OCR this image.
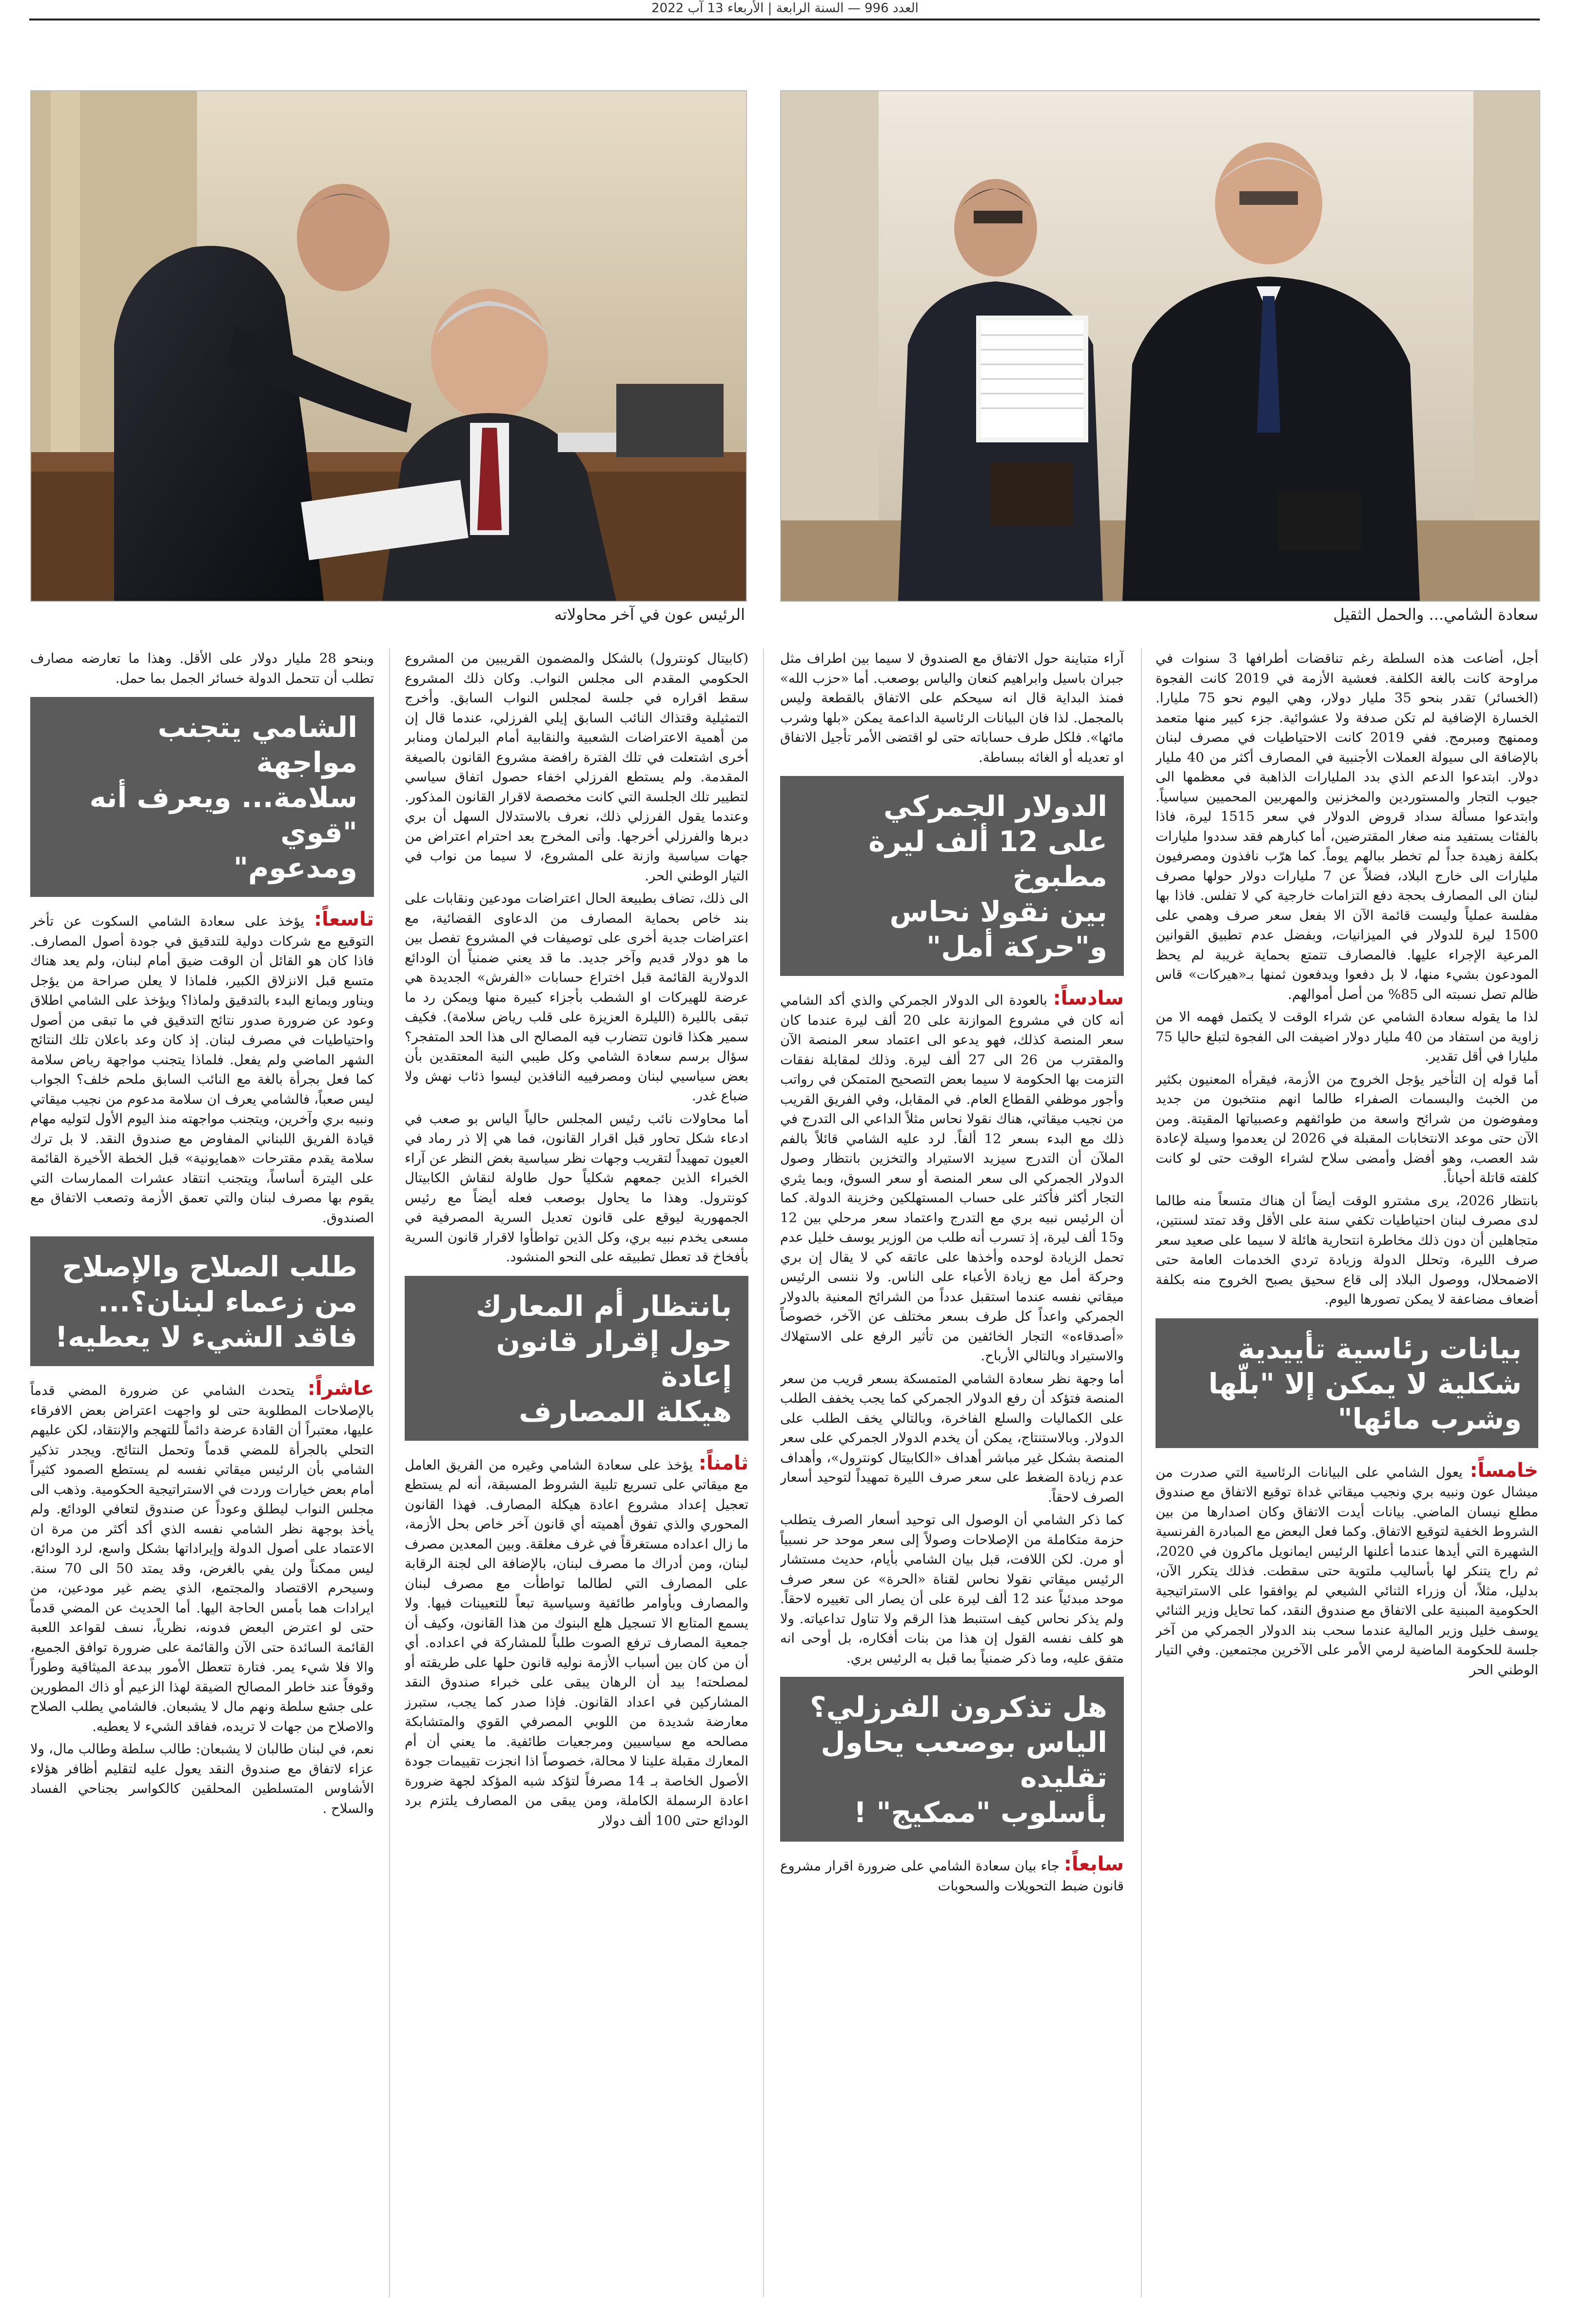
العدد 996 — السنة الرابعة | الأربعاء 13 آب 2022
الرئيس عون في آخر محاولاته	سعادة الشامي... والحمل الثقيل

وبنحو 28 مليار دولار على الأقل. وهذا ما تعارضه مصارف تطلب أن تتحمل الدولة خسائر الجمل بما حمل.

الشامي يتجنب مواجهة
سلامة... ويعرف أنه "قوي
ومدعوم"

تاسعاً: يؤخذ على سعادة الشامي السكوت عن تأخر التوقيع مع شركات دولية للتدقيق في جودة أصول المصارف. فاذا كان هو القائل أن الوقت ضيق أمام لبنان، ولم يعد هناك متسع قبل الانزلاق الكبير، فلماذا لا يعلن صراحة من يؤجل ويناور ويمانع البدء بالتدقيق ولماذا؟ ويؤخذ على الشامي اطلاق وعود عن ضرورة صدور نتائج التدقيق في ما تبقى من أصول واحتياطيات في مصرف لبنان. إذ كان وعد باعلان تلك النتائج الشهر الماضي ولم يفعل. فلماذا يتجنب مواجهة رياض سلامة كما فعل بجرأة بالغة مع النائب السابق ملحم خلف؟ الجواب ليس صعباً، فالشامي يعرف ان سلامة مدعوم من نجيب ميقاتي ونبيه بري وآخرين، ويتجنب مواجهته منذ اليوم الأول لتوليه مهام قيادة الفريق اللبناني المفاوض مع صندوق النقد. لا بل ترك سلامة يقدم مقترحات «همايونية» قبل الخطة الأخيرة القائمة على اليترة أساساً، ويتجنب انتقاد عشرات الممارسات التي يقوم بها مصرف لبنان والتي تعمق الأزمة وتصعب الاتفاق مع الصندوق.

طلب الصلاح والإصلاح
من زعماء لبنان؟...
فاقد الشيء لا يعطيه!

عاشراً: يتحدث الشامي عن ضرورة المضي قدماً بالإصلاحات المطلوبة حتى لو واجهت اعتراض بعض الافرقاء عليها، معتبراً أن القادة عرضة دائماً للتهجم والإنتقاد، لكن عليهم التحلي بالجرأة للمضي قدماً وتحمل النتائج. ويجدر تذكير الشامي بأن الرئيس ميقاتي نفسه لم يستطع الصمود كثيراً أمام بعض خيارات وردت في الاستراتيجية الحكومية. وذهب الى مجلس النواب ليطلق وعوداً عن صندوق لتعافي الودائع. ولم يأخذ بوجهة نظر الشامي نفسه الذي أكد أكثر من مرة ان الاعتماد على أصول الدولة وإيراداتها بشكل واسع، لرد الودائع، ليس ممكناً ولن يفي بالغرض، وقد يمتد 50 الى 70 سنة. وسيحرم الاقتصاد والمجتمع، الذي يضم غير مودعين، من ايرادات هما بأمس الحاجة اليها. أما الحديث عن المضي قدماً حتى لو اعترض البعض فدونه، نظرياً، نسف لقواعد اللعبة القائمة السائدة حتى الآن والقائمة على ضرورة توافق الجميع، والا فلا شيء يمر. فتارة تتعطل الأمور ببدعة الميثاقية وطوراً وقوفاً عند خاطر المصالح الضيقة لهذا الزعيم أو ذاك المطورين على جشع سلطة ونهم مال لا يشبعان. فالشامي يطلب الصلاح والاصلاح من جهات لا تريده، ففاقد الشيء لا يعطيه.

نعم، في لبنان طالبان لا يشبعان: طالب سلطة وطالب مال، ولا عزاء لاتفاق مع صندوق النقد يعول عليه لتقليم أظافر هؤلاء الأشاوس المتسلطين المحلقين كالكواسر بجناحي الفساد والسلاح .

(كابيتال كونترول) بالشكل والمضمون القريبين من المشروع الحكومي المقدم الى مجلس النواب. وكان ذلك المشروع سقط اقراره في جلسة لمجلس النواب السابق. وأخرج التمثيلية وقتذاك النائب السابق إيلي الفرزلي، عندما قال إن من أهمية الاعتراضات الشعبية والنقابية أمام البرلمان ومنابر أخرى اشتعلت في تلك الفترة رافضة مشروع القانون بالصيغة المقدمة. ولم يستطع الفرزلي اخفاء حصول اتفاق سياسي لتطيير تلك الجلسة التي كانت مخصصة لاقرار القانون المذكور. وعندما يقول الفرزلي ذلك، نعرف بالاستدلال السهل أن بري دبرها والفرزلي أخرجها. وأتى المخرج بعد احترام اعتراض من جهات سياسية وازنة على المشروع، لا سيما من نواب في التيار الوطني الحر.

الى ذلك، تضاف بطبيعة الحال اعتراضات مودعين ونقابات على بند خاص بحماية المصارف من الدعاوى القضائية، مع اعتراضات جدية أخرى على توصيفات في المشروع تفصل بين ما هو دولار قديم وآخر جديد. ما قد يعني ضمنياً أن الودائع الدولارية القائمة قبل اختراع حسابات «الفرش» الجديدة هي عرضة للهيركات او الشطب بأجزاء كبيرة منها ويمكن رد ما تبقى بالليرة (الليلرة العزيزة على قلب رياض سلامة). فكيف سمير هكذا قانون تتضارب فيه المصالح الى هذا الحد المتفجر؟ سؤال برسم سعادة الشامي وكل طيبي النية المعتقدين بأن بعض سياسيي لبنان ومصرفييه النافذين ليسوا ذئاب نهش ولا ضباع غدر.

أما محاولات نائب رئيس المجلس حالياً الياس بو صعب في ادعاء شكل تحاور قبل اقرار القانون، فما هي إلا ذر رماد في العيون تمهيداً لتقريب وجهات نظر سياسية بغض النظر عن آراء الخبراء الذين جمعهم شكلياً حول طاولة لنقاش الكابيتال كونترول. وهذا ما يحاول بوصعب فعله أيضاً مع رئيس الجمهورية ليوقع على قانون تعديل السرية المصرفية في مسعى يخدم نبيه بري، وكل الذين تواطأوا لاقرار قانون السرية بأفخاخ قد تعطل تطبيقه على النحو المنشود.

بانتظار أم المعارك
حول إقرار قانون إعادة
هيكلة المصارف

ثامناً: يؤخذ على سعادة الشامي وغيره من الفريق العامل مع ميقاتي على تسريع تلبية الشروط المسبقة، أنه لم يستطع تعجيل إعداد مشروع اعادة هيكلة المصارف. فهذا القانون المحوري والذي تفوق أهميته أي قانون آخر خاص بحل الأزمة، ما زال اعداده مستغرقاً في غرف مغلقة. وبين المعدين مصرف لبنان، ومن أدراك ما مصرف لبنان، بالإضافة الى لجنة الرقابة على المصارف التي لطالما تواطأت مع مصرف لبنان والمصارف وبأوامر طائفية وسياسية تبعاً للتعيينات فيها. ولا يسمع المتابع الا تسجيل هلع البنوك من هذا القانون، وكيف أن جمعية المصارف ترفع الصوت طلباً للمشاركة في اعداده. أي أن من كان بين أسباب الأزمة نوليه قانون حلها على طريقته أو لمصلحته! بيد أن الرهان يبقى على خبراء صندوق النقد المشاركين في اعداد القانون. فإذا صدر كما يجب، ستبرز معارضة شديدة من اللوبي المصرفي القوي والمتشابكة مصالحه مع سياسيين ومرجعيات طائفية. ما يعني أن أم المعارك مقبلة علينا لا محالة، خصوصاً اذا انجزت تقييمات جودة الأصول الخاصة بـ 14 مصرفاً لتؤكد شبه المؤكد لجهة ضرورة اعادة الرسملة الكاملة، ومن يبقى من المصارف يلتزم برد الودائع حتى 100 ألف دولار

آراء متباينة حول الاتفاق مع الصندوق لا سيما بين اطراف مثل جبران باسيل وابراهيم كنعان والياس بوصعب. أما «حزب الله» فمنذ البداية قال انه سيحكم على الاتفاق بالقطعة وليس بالمجمل. لذا فان البيانات الرئاسية الداعمة يمكن «بلها وشرب مائها». فلكل طرف حساباته حتى لو اقتضى الأمر تأجيل الاتفاق او تعديله أو الغائه ببساطة.

الدولار الجمركي
على 12 ألف ليرة مطبوخ
بين نقولا نحاس و"حركة أمل"

سادساً: بالعودة الى الدولار الجمركي والذي أكد الشامي أنه كان في مشروع الموازنة على 20 ألف ليرة عندما كان سعر المنصة كذلك، فهو يدعو الى اعتماد سعر المنصة الآن والمقترب من 26 الى 27 ألف ليرة. وذلك لمقابلة نفقات التزمت بها الحكومة لا سيما بعض التصحيح المتمكن في رواتب وأجور موظفي القطاع العام. في المقابل، وفي الفريق القريب من نجيب ميقاتي، هناك نقولا نحاس مثلاً الداعي الى التدرج في ذلك مع البدء بسعر 12 ألفاً. لرد عليه الشامي قائلاً بالفم الملآن أن التدرج سيزيد الاستيراد والتخزين بانتظار وصول الدولار الجمركي الى سعر المنصة أو سعر السوق، وبما يثري التجار أكثر فأكثر على حساب المستهلكين وخزينة الدولة. كما أن الرئيس نبيه بري مع التدرج واعتماد سعر مرحلي بين 12 و15 ألف ليرة، إذ تسرب أنه طلب من الوزير يوسف خليل عدم تحمل الزيادة لوحده وأخذها على عاتقه كي لا يقال إن بري وحركة أمل مع زيادة الأعباء على الناس. ولا ننسى الرئيس ميقاتي نفسه عندما استقبل عدداً من الشرائح المعنية بالدولار الجمركي واعداً كل طرف بسعر مختلف عن الآخر، خصوصاً «أصدقاءه» التجار الخائفين من تأثير الرفع على الاستهلاك والاستيراد وبالتالي الأرباح.

أما وجهة نظر سعادة الشامي المتمسكة بسعر قريب من سعر المنصة فتؤكد أن رفع الدولار الجمركي كما يجب يخفف الطلب على الكماليات والسلع الفاخرة، وبالتالي يخف الطلب على الدولار. وبالاستنتاج، يمكن أن يخدم الدولار الجمركي على سعر المنصة بشكل غير مباشر أهداف «الكابيتال كونترول»، وأهداف عدم زيادة الضغط على سعر صرف الليرة تمهيداً لتوحيد أسعار الصرف لاحقاً.

كما ذكر الشامي أن الوصول الى توحيد أسعار الصرف يتطلب حزمة متكاملة من الإصلاحات وصولاً إلى سعر موحد حر نسبياً أو مرن. لكن اللافت، قبل بيان الشامي بأيام، حديث مستشار الرئيس ميقاتي نقولا نحاس لقناة «الحرة» عن سعر صرف موحد مبدئياً عند 12 ألف ليرة على أن يصار الى تغييره لاحقاً. ولم يذكر نحاس كيف استنبط هذا الرقم ولا تناول تداعياته. ولا هو كلف نفسه القول إن هذا من بنات أفكاره، بل أوحى انه متفق عليه، وما ذكر ضمنياً بما قبل به الرئيس بري.

هل تذكرون الفرزلي؟
الياس بوصعب يحاول تقليده
بأسلوب "ممكيج" !

سابعاً: جاء بيان سعادة الشامي على ضرورة اقرار مشروع قانون ضبط التحويلات والسحوبات

أجل، أضاعت هذه السلطة رغم تناقضات أطرافها 3 سنوات في مراوحة كانت بالغة الكلفة. فعشية الأزمة في 2019 كانت الفجوة (الخسائر) تقدر بنحو 35 مليار دولار، وهي اليوم نحو 75 مليارا. الخسارة الإضافية لم تكن صدفة ولا عشوائية. جزء كبير منها متعمد وممنهج ومبرمج. ففي 2019 كانت الاحتياطيات في مصرف لبنان بالإضافة الى سيولة العملات الأجنبية في المصارف أكثر من 40 مليار دولار. ابتدعوا الدعم الذي بدد المليارات الذاهبة في معظمها الى جيوب التجار والمستوردين والمخزنين والمهربين المحميين سياسياً. وابتدعوا مسألة سداد قروض الدولار في سعر 1515 ليرة، فاذا بالفئات يستفيد منه صغار المقترضين، أما كبارهم فقد سددوا مليارات بكلفة زهيدة جداً لم تخطر ببالهم يوماً. كما هرّب نافذون ومصرفيون مليارات الى خارج البلاد، فضلاً عن 7 مليارات دولار حولها مصرف لبنان الى المصارف بحجة دفع التزامات خارجية كي لا تفلس. فاذا بها مفلسة عملياً وليست قائمة الآن الا بفعل سعر صرف وهمي على 1500 ليرة للدولار في الميزانيات، وبفضل عدم تطبيق القوانين المرعية الإجراء عليها. فالمصارف تتمتع بحماية غريبة لم يحظ المودعون بشيء منها، لا بل دفعوا ويدفعون ثمنها بـ«هيركات» قاس ظالم تصل نسبته الى 85% من أصل أموالهم.

لذا ما يقوله سعادة الشامي عن شراء الوقت لا يكتمل فهمه الا من زاوية من استفاد من 40 مليار دولار اضيفت الى الفجوة لتبلغ حاليا 75 مليارا في أقل تقدير.

أما قوله إن التأخير يؤجل الخروج من الأزمة، فيقرأه المعنيون بكثير من الخبث والبسمات الصفراء طالما انهم منتخبون من جديد ومفوضون من شرائح واسعة من طوائفهم وعصبياتها المقيتة. ومن الآن حتى موعد الانتخابات المقبلة في 2026 لن يعدموا وسيلة لإعادة شد العصب، وهو أفضل وأمضى سلاح لشراء الوقت حتى لو كانت كلفته قاتلة أحياناً.

بانتظار 2026، يرى مشترو الوقت أيضاً أن هناك متسعاً منه طالما لدى مصرف لبنان احتياطيات تكفي سنة على الأقل وقد تمتد لسنتين، متجاهلين أن دون ذلك مخاطرة انتحارية هائلة لا سيما على صعيد سعر صرف الليرة، وتحلل الدولة وزيادة تردي الخدمات العامة حتى الاضمحلال، ووصول البلاد إلى قاع سحيق يصبح الخروج منه بكلفة أضعاف مضاعفة لا يمكن تصورها اليوم.

بيانات رئاسية تأييدية
شكلية لا يمكن إلا "بلّها
وشرب مائها"

خامساً: يعول الشامي على البيانات الرئاسية التي صدرت من ميشال عون ونبيه بري ونجيب ميقاتي غداة توقيع الاتفاق مع صندوق مطلع نيسان الماضي. بيانات أيدت الاتفاق وكان اصدارها من بين الشروط الخفية لتوقيع الاتفاق. وكما فعل البعض مع المبادرة الفرنسية الشهيرة التي أيدها عندما أعلنها الرئيس ايمانويل ماكرون في 2020، ثم راح يتنكر لها بأساليب ملتوية حتى سقطت. فذلك يتكرر الآن، بدليل، مثلاً، أن وزراء الثنائي الشيعي لم يوافقوا على الاستراتيجية الحكومية المبنية على الاتفاق مع صندوق النقد، كما تحايل وزير الثنائي يوسف خليل وزير المالية عندما سحب بند الدولار الجمركي من آخر جلسة للحكومة الماضية لرمي الأمر على الآخرين مجتمعين. وفي التيار الوطني الحر
